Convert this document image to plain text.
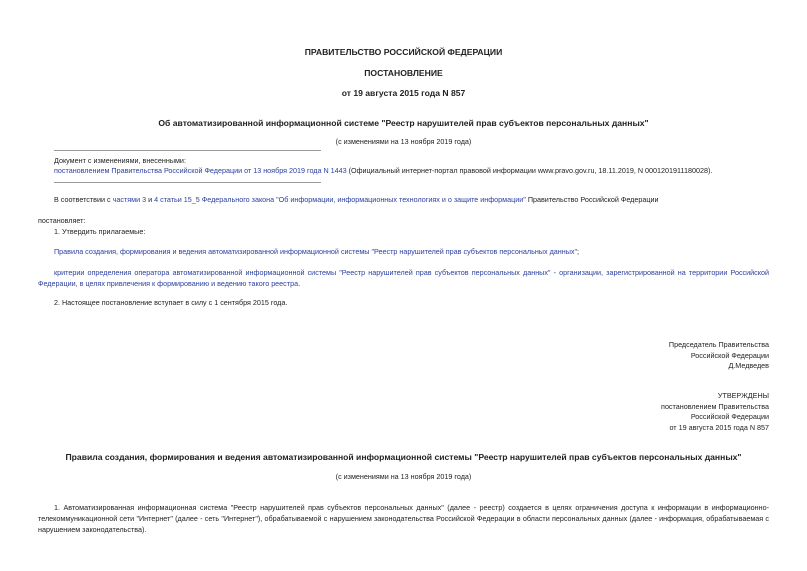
ПРАВИТЕЛЬСТВО РОССИЙСКОЙ ФЕДЕРАЦИИ
ПОСТАНОВЛЕНИЕ
от 19 августа 2015 года N 857
Об автоматизированной информационной системе "Реестр нарушителей прав субъектов персональных данных"
(с изменениями на 13 ноября 2019 года)
Документ с изменениями, внесенными:
постановлением Правительства Российской Федерации от 13 ноября 2019 года N 1443 (Официальный интернет-портал правовой информации www.pravo.gov.ru, 18.11.2019, N 0001201911180028).
В соответствии с частями 3 и 4 статьи 15_5 Федерального закона "Об информации, информационных технологиях и о защите информации" Правительство Российской Федерации
постановляет:
1. Утвердить прилагаемые:
Правила создания, формирования и ведения автоматизированной информационной системы "Реестр нарушителей прав субъектов персональных данных";
критерии определения оператора автоматизированной информационной системы "Реестр нарушителей прав субъектов персональных данных" - организации, зарегистрированной на территории Российской Федерации, в целях привлечения к формированию и ведению такого реестра.
2. Настоящее постановление вступает в силу с 1 сентября 2015 года.

Председатель Правительства

Российской Федерации

Д.Медведев

УТВЕРЖДЕНЫ

постановлением Правительства

Российской Федерации

от 19 августа 2015 года N 857

Правила создания, формирования и ведения автоматизированной информационной системы "Реестр нарушителей прав субъектов персональных данных"
(с изменениями на 13 ноября 2019 года)
1. Автоматизированная информационная система "Реестр нарушителей прав субъектов персональных данных" (далее - реестр) создается в целях ограничения доступа к информации в информационно-телекоммуникационной сети "Интернет" (далее - сеть "Интернет"), обрабатываемой с нарушением законодательства Российской Федерации в области персональных данных (далее - информация, обрабатываемая с нарушением законодательства).
